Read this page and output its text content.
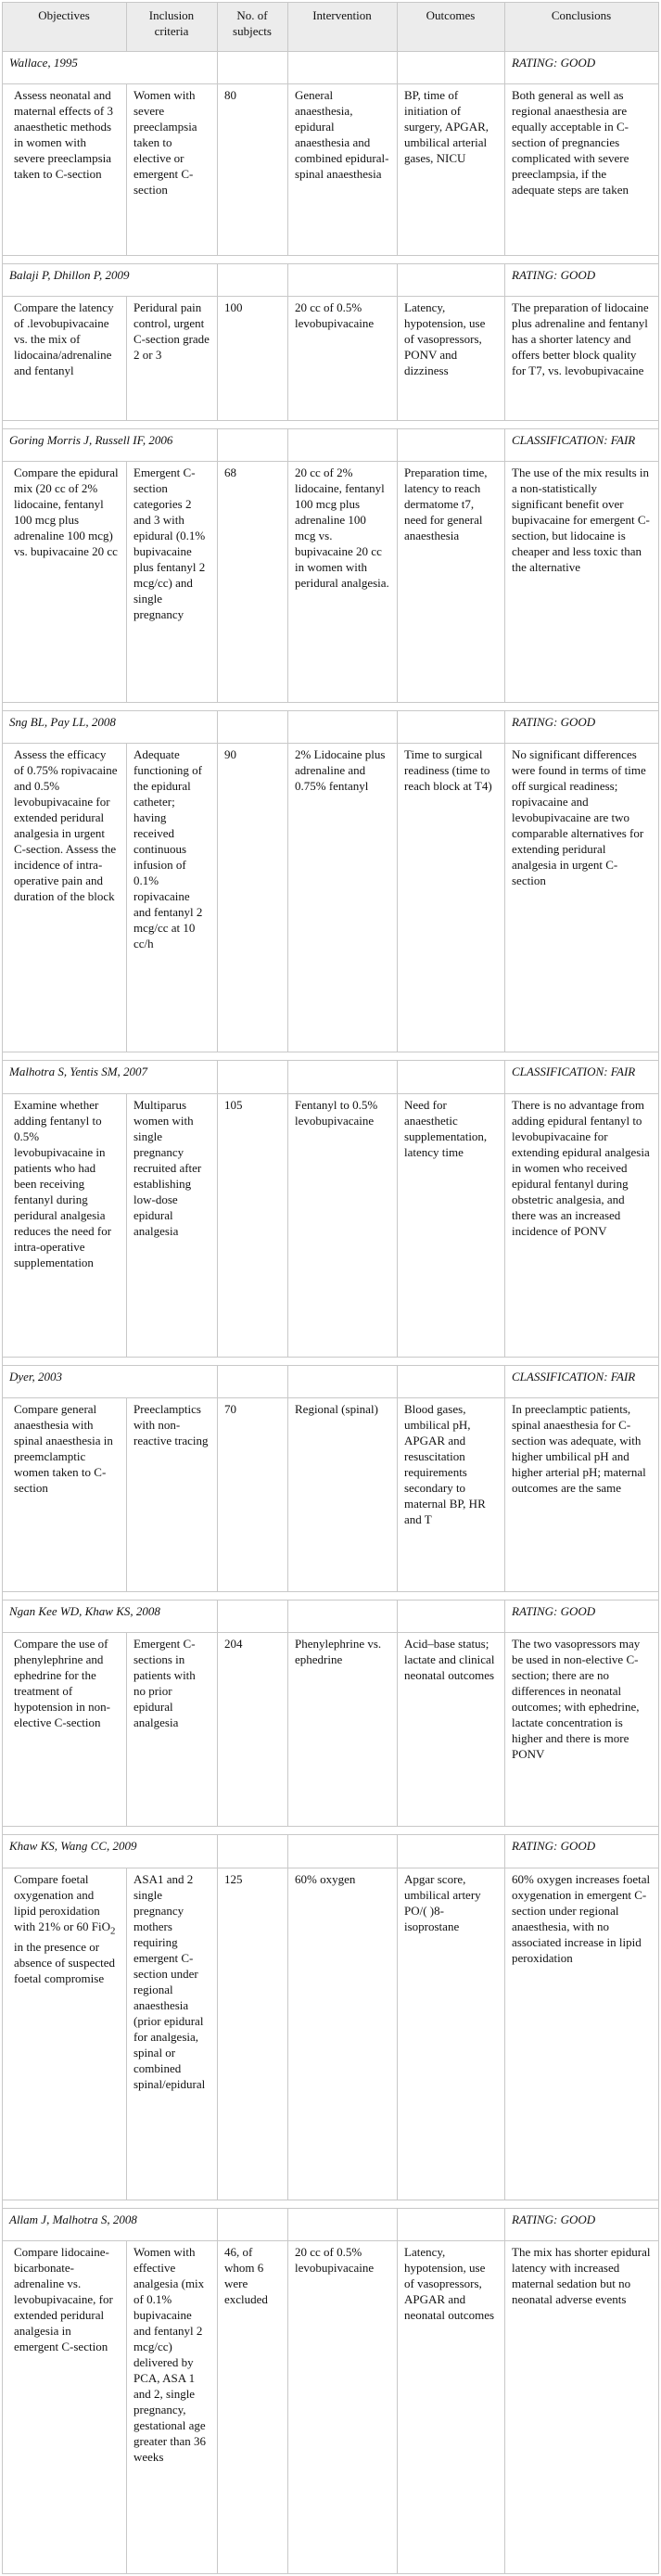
Objectives	Inclusion criteria	No. of subjects	Intervention	Outcomes	Conclusions
Wallace, 1995					RATING: GOOD
Assess neonatal and maternal effects of 3 anaesthetic methods in women with severe preeclampsia taken to C-section	Women with severe preeclampsia taken to elective or emergent C-section	80	General anaesthesia, epidural anaesthesia and combined epidural-spinal anaesthesia	BP, time of initiation of surgery, APGAR, umbilical arterial gases, NICU	Both general as well as regional anaesthesia are equally acceptable in C-section of pregnancies complicated with severe preeclampsia, if the adequate steps are taken

Balaji P, Dhillon P, 2009					RATING: GOOD
Compare the latency of .levobupivacaine vs. the mix of lidocaina/adrenaline and fentanyl	Peridural pain control, urgent C-section grade 2 or 3	100	20 cc of 0.5% levobupivacaine	Latency, hypotension, use of vasopressors, PONV and dizziness	The preparation of lidocaine plus adrenaline and fentanyl has a shorter latency and offers better block quality for T7, vs. levobupivacaine

Goring Morris J, Russell IF, 2006					CLASSIFICATION: FAIR
Compare the epidural mix (20 cc of 2% lidocaine, fentanyl 100 mcg plus adrenaline 100 mcg) vs. bupivacaine 20 cc	Emergent C-section categories 2 and 3 with epidural (0.1% bupivacaine plus fentanyl 2 mcg/cc) and single pregnancy	68	20 cc of 2% lidocaine, fentanyl 100 mcg plus adrenaline 100 mcg vs. bupivacaine 20 cc in women with peridural analgesia.	Preparation time, latency to reach dermatome t7, need for general anaesthesia	The use of the mix results in a non-statistically significant benefit over bupivacaine for emergent C-section, but lidocaine is cheaper and less toxic than the alternative

Sng BL, Pay LL, 2008					RATING: GOOD
Assess the efficacy of 0.75% ropivacaine and 0.5% levobupivacaine for extended peridural analgesia in urgent C-section. Assess the incidence of intra-operative pain and duration of the block	Adequate functioning of the epidural catheter; having received continuous infusion of 0.1% ropivacaine and fentanyl 2 mcg/cc at 10 cc/h	90	2% Lidocaine plus adrenaline and 0.75% fentanyl	Time to surgical readiness (time to reach block at T4)	No significant differences were found in terms of time off surgical readiness; ropivacaine and levobupivacaine are two comparable alternatives for extending peridural analgesia in urgent C-section

Malhotra S, Yentis SM, 2007					CLASSIFICATION: FAIR
Examine whether adding fentanyl to 0.5% levobupivacaine in patients who had been receiving fentanyl during peridural analgesia reduces the need for intra-operative supplementation	Multiparus women with single pregnancy recruited after establishing low-dose epidural analgesia	105	Fentanyl to 0.5% levobupivacaine	Need for anaesthetic supplementation, latency time	There is no advantage from adding epidural fentanyl to levobupivacaine for extending epidural analgesia in women who received epidural fentanyl during obstetric analgesia, and there was an increased incidence of PONV

Dyer, 2003					CLASSIFICATION: FAIR
Compare general anaesthesia with spinal anaesthesia in preemclamptic women taken to C-section	Preeclamptics with non-reactive tracing	70	Regional (spinal)	Blood gases, umbilical pH, APGAR and resuscitation requirements secondary to maternal BP, HR and T	In preeclamptic patients, spinal anaesthesia for C-section was adequate, with higher umbilical pH and higher arterial pH; maternal outcomes are the same

Ngan Kee WD, Khaw KS, 2008					RATING: GOOD
Compare the use of phenylephrine and ephedrine for the treatment of hypotension in non-elective C-section	Emergent C-sections in patients with no prior epidural analgesia	204	Phenylephrine vs. ephedrine	Acid–base status; lactate and clinical neonatal outcomes	The two vasopressors may be used in non-elective C-section; there are no differences in neonatal outcomes; with ephedrine, lactate concentration is higher and there is more PONV

Khaw KS, Wang CC, 2009					RATING: GOOD
Compare foetal oxygenation and lipid peroxidation with 21% or 60 FiO$_2$ in the presence or absence of suspected foetal compromise	ASA1 and 2 single pregnancy mothers requiring emergent C-section under regional anaesthesia (prior epidural for analgesia, spinal or combined spinal/epidural	125	60% oxygen	Apgar score, umbilical artery PO/( )8-isoprostane	60% oxygen increases foetal oxygenation in emergent C-section under regional anaesthesia, with no associated increase in lipid peroxidation

Allam J, Malhotra S, 2008					RATING: GOOD
Compare lidocaine-bicarbonate-adrenaline vs. levobupivacaine, for extended peridural analgesia in emergent C-section	Women with effective analgesia (mix of 0.1% bupivacaine and fentanyl 2 mcg/cc) delivered by PCA, ASA 1 and 2, single pregnancy, gestational age greater than 36 weeks	46, of whom 6 were excluded	20 cc of 0.5% levobupivacaine	Latency, hypotension, use of vasopressors, APGAR and neonatal outcomes	The mix has shorter epidural latency with increased maternal sedation but no neonatal adverse events
